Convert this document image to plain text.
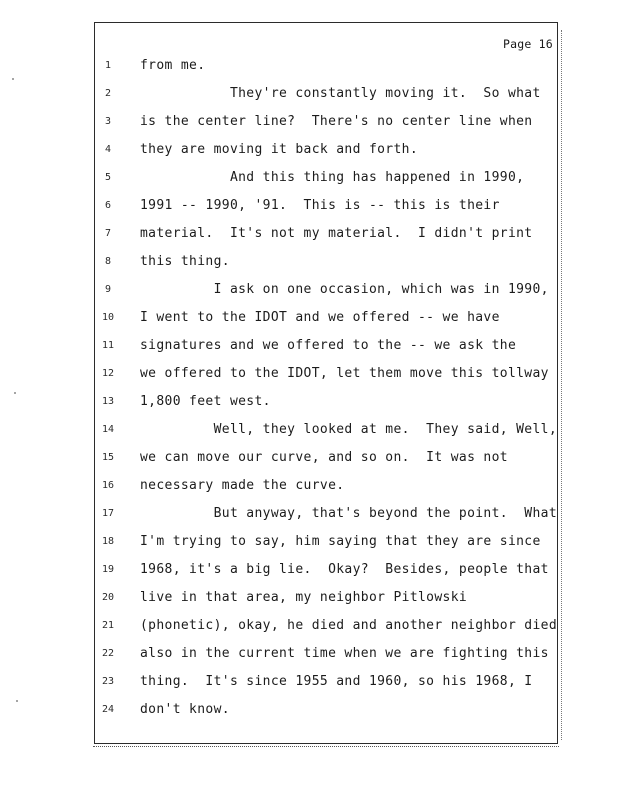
Page 16
1	from me.
2	They're constantly moving it.  So what
3	is the center line?  There's no center line when
4	they are moving it back and forth.
5	And this thing has happened in 1990,
6	1991 -- 1990, '91.  This is -- this is their
7	material.  It's not my material.  I didn't print
8	this thing.
9	I ask on one occasion, which was in 1990,
10	I went to the IDOT and we offered -- we have
11	signatures and we offered to the -- we ask the
12	we offered to the IDOT, let them move this tollway
13	1,800 feet west.
14	Well, they looked at me.  They said, Well,
15	we can move our curve, and so on.  It was not
16	necessary made the curve.
17	But anyway, that's beyond the point.  What
18	I'm trying to say, him saying that they are since
19	1968, it's a big lie.  Okay?  Besides, people that
20	live in that area, my neighbor Pitlowski
21	(phonetic), okay, he died and another neighbor died
22	also in the current time when we are fighting this
23	thing.  It's since 1955 and 1960, so his 1968, I
24	don't know.
